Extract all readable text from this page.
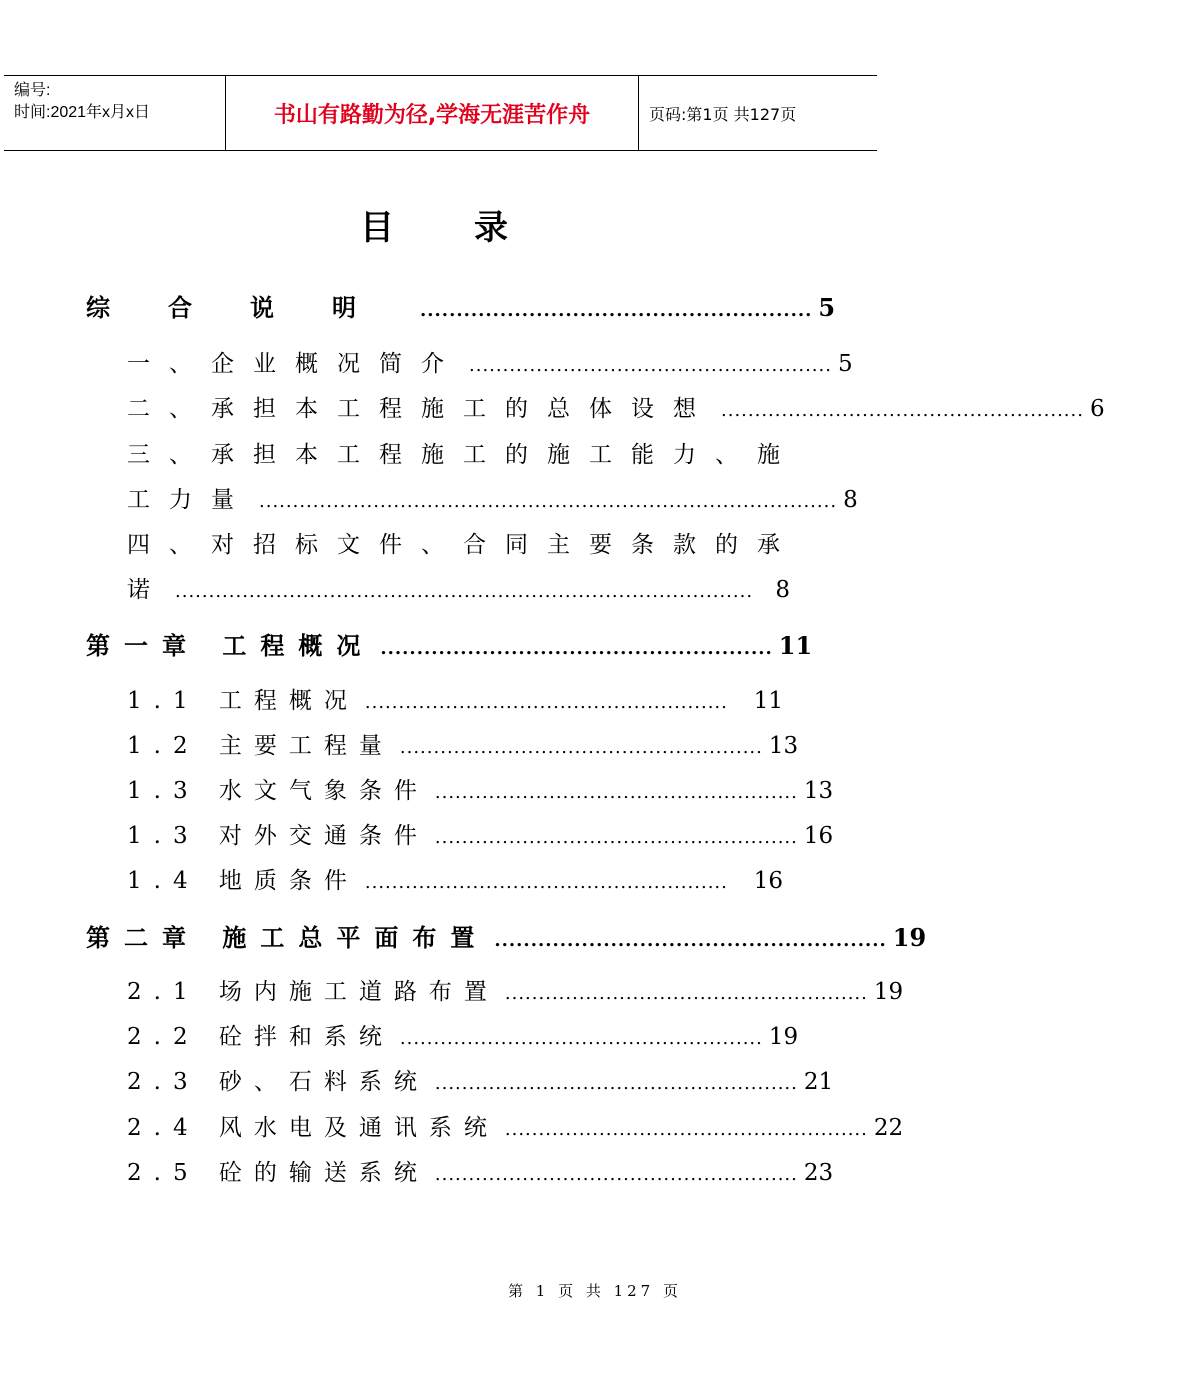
编号:
时间:2021年x月x日	书山有路勤为径,学海无涯苦作舟	页码:第1页 共127页
目录
综合说明 ...................................................... 5
一、企业概况简介 ...................................................... 5
二、承担本工程施工的总体设想 ...................................................... 6
三、承担本工程施工的施工能力、施
工力量 ...................................................................................... 8
四、对招标文件、合同主要条款的承
诺 ...................................................................................... 8
第一章 工程概况 ...................................................... 11
1.1 工程概况 ......................................................	11
1.2 主要工程量 ...................................................... 13
1.3 水文气象条件 ...................................................... 13
1.3 对外交通条件 ...................................................... 16
1.4 地质条件 ......................................................	16
第二章 施工总平面布置 ...................................................... 19
2.1 场内施工道路布置 ...................................................... 19
2.2 砼拌和系统 ...................................................... 19
2.3 砂、石料系统 ...................................................... 21
2.4 风水电及通讯系统 ...................................................... 22
2.5 砼的输送系统 ...................................................... 23
第 1 页 共 127 页
